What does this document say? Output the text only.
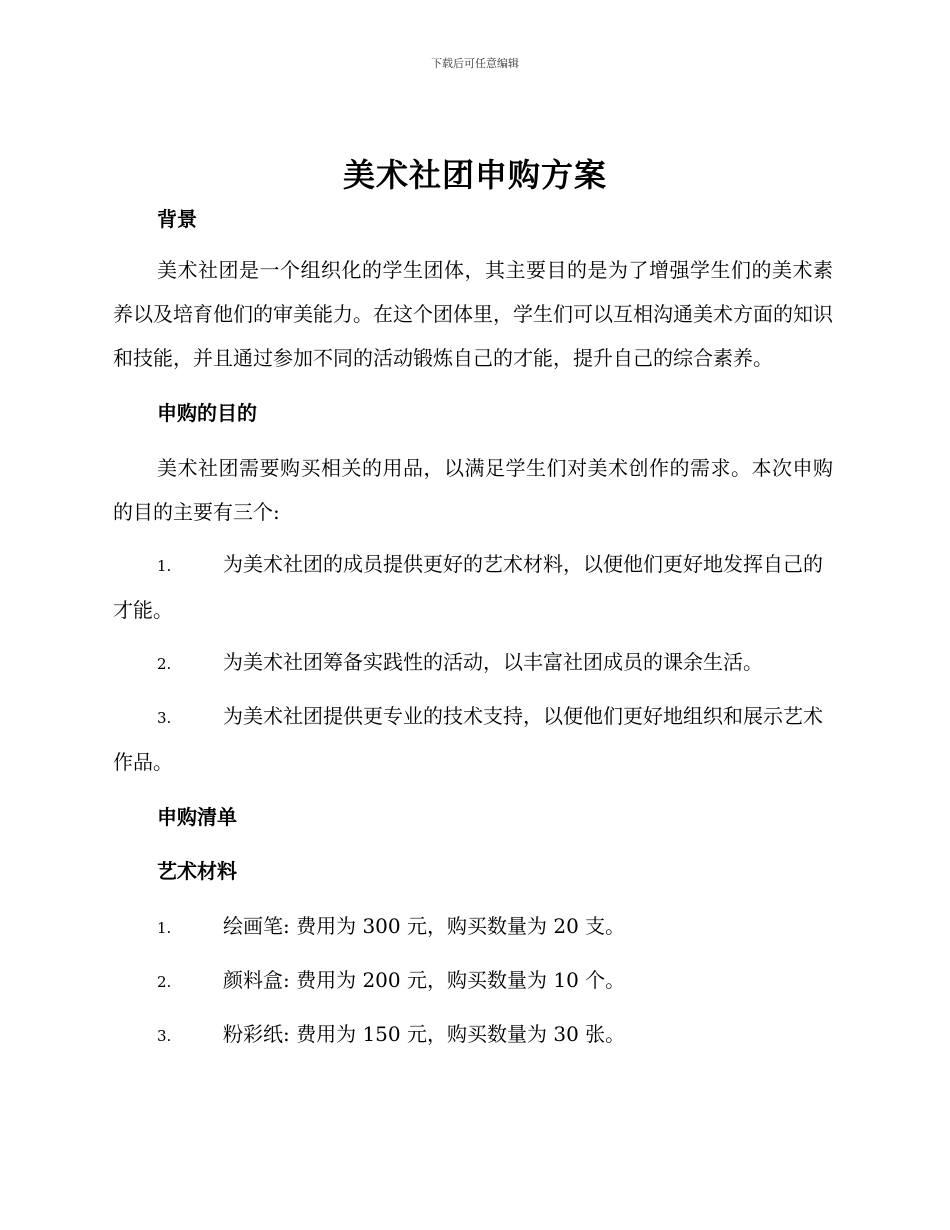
下载后可任意编辑
美术社团申购方案

背景

美术社团是一个组织化的学生团体，其主要目的是为了增强学生们的美术素养以及培育他们的审美能力。在这个团体里，学生们可以互相沟通美术方面的知识和技能，并且通过参加不同的活动锻炼自己的才能，提升自己的综合素养。

申购的目的

美术社团需要购买相关的用品，以满足学生们对美术创作的需求。本次申购的目的主要有三个:

1.	为美术社团的成员提供更好的艺术材料，以便他们更好地发挥自己的才能。

2.	为美术社团筹备实践性的活动，以丰富社团成员的课余生活。

3.	为美术社团提供更专业的技术支持，以便他们更好地组织和展示艺术作品。

申购清单

艺术材料

1.	绘画笔: 费用为 300 元，购买数量为 20 支。

2.	颜料盒: 费用为 200 元，购买数量为 10 个。

3.	粉彩纸: 费用为 150 元，购买数量为 30 张。
